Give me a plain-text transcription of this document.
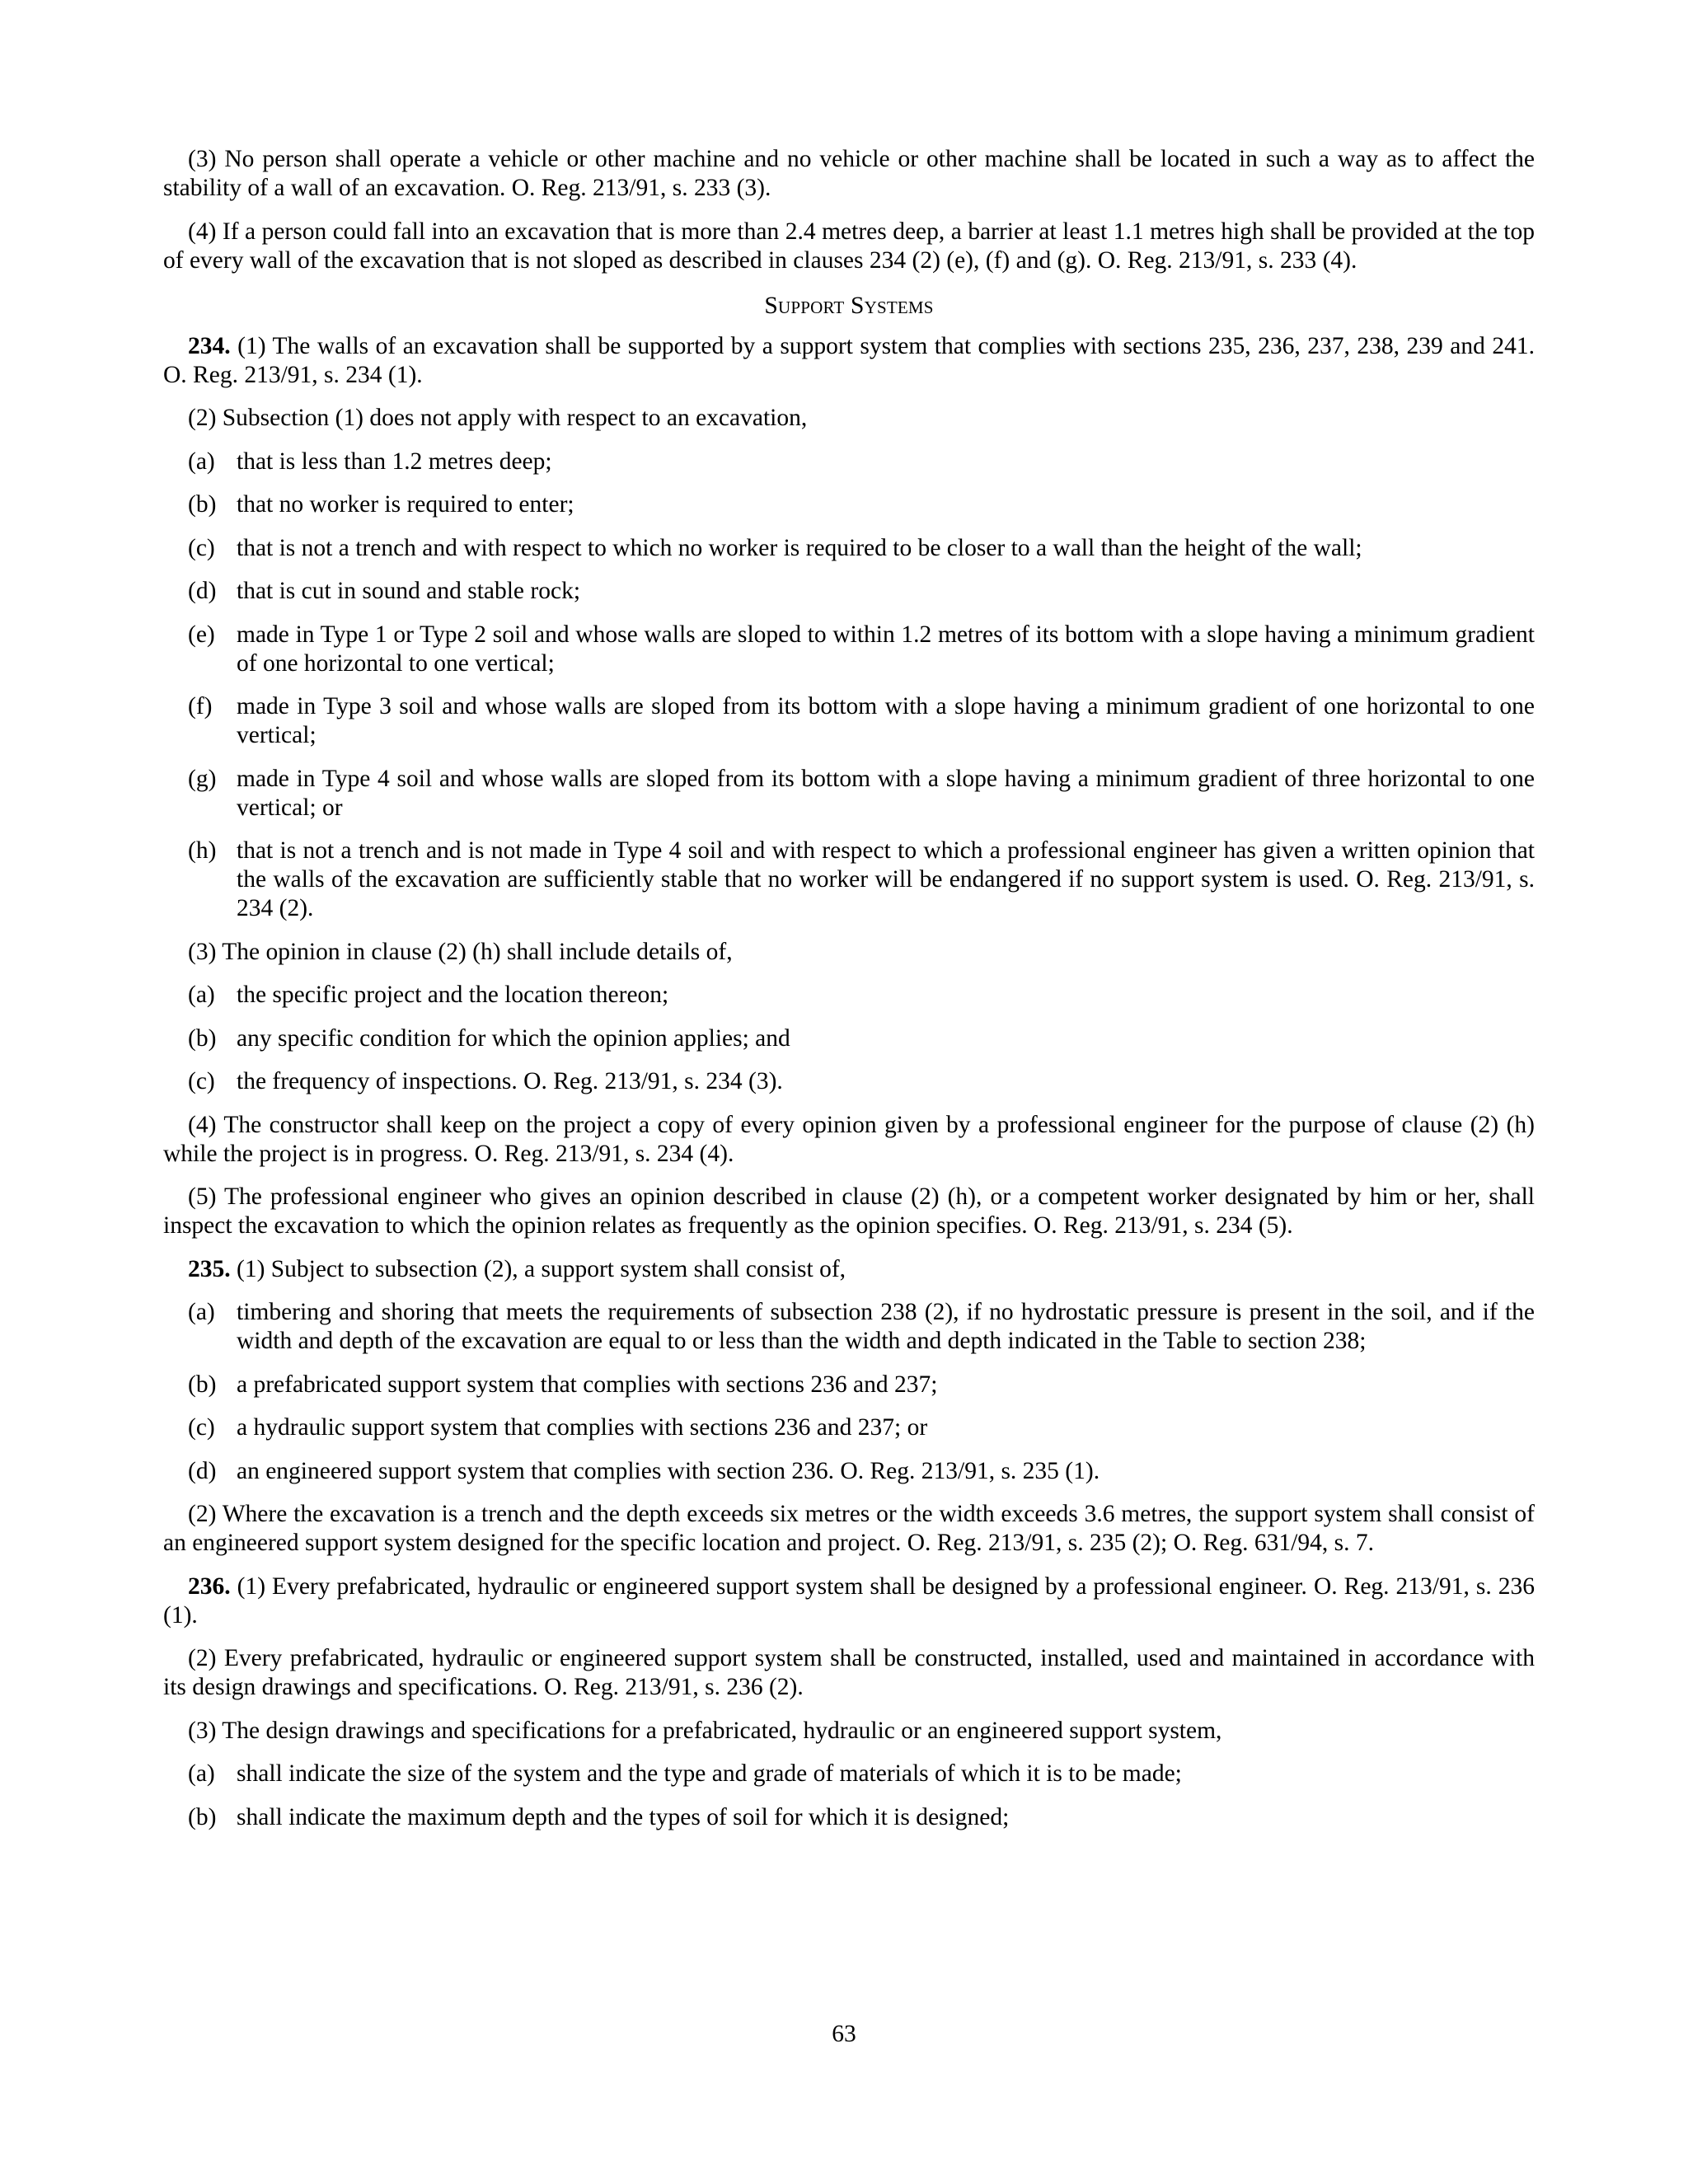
(3) No person shall operate a vehicle or other machine and no vehicle or other machine shall be located in such a way as to affect the stability of a wall of an excavation. O. Reg. 213/91, s. 233 (3).

(4) If a person could fall into an excavation that is more than 2.4 metres deep, a barrier at least 1.1 metres high shall be provided at the top of every wall of the excavation that is not sloped as described in clauses 234 (2) (e), (f) and (g). O. Reg. 213/91, s. 233 (4).

Support Systems

234. (1) The walls of an excavation shall be supported by a support system that complies with sections 235, 236, 237, 238, 239 and 241. O. Reg. 213/91, s. 234 (1).

(2) Subsection (1) does not apply with respect to an excavation,

(a) that is less than 1.2 metres deep;
(b) that no worker is required to enter;
(c) that is not a trench and with respect to which no worker is required to be closer to a wall than the height of the wall;
(d) that is cut in sound and stable rock;
(e) made in Type 1 or Type 2 soil and whose walls are sloped to within 1.2 metres of its bottom with a slope having a minimum gradient of one horizontal to one vertical;
(f)	made in Type 3 soil and whose walls are sloped from its bottom with a slope having a minimum gradient of one horizontal to one vertical;
(g) made in Type 4 soil and whose walls are sloped from its bottom with a slope having a minimum gradient of three horizontal to one vertical; or
(h) that is not a trench and is not made in Type 4 soil and with respect to which a professional engineer has given a written opinion that the walls of the excavation are sufficiently stable that no worker will be endangered if no support system is used. O. Reg. 213/91, s. 234 (2).

(3) The opinion in clause (2) (h) shall include details of,

(a) the specific project and the location thereon;
(b) any specific condition for which the opinion applies; and
(c) the frequency of inspections. O. Reg. 213/91, s. 234 (3).

(4) The constructor shall keep on the project a copy of every opinion given by a professional engineer for the purpose of clause (2) (h) while the project is in progress. O. Reg. 213/91, s. 234 (4).

(5) The professional engineer who gives an opinion described in clause (2) (h), or a competent worker designated by him or her, shall inspect the excavation to which the opinion relates as frequently as the opinion specifies. O. Reg. 213/91, s. 234 (5).

235. (1) Subject to subsection (2), a support system shall consist of,

(a) timbering and shoring that meets the requirements of subsection 238 (2), if no hydrostatic pressure is present in the soil, and if the width and depth of the excavation are equal to or less than the width and depth indicated in the Table to section 238;
(b) a prefabricated support system that complies with sections 236 and 237;
(c) a hydraulic support system that complies with sections 236 and 237; or
(d) an engineered support system that complies with section 236. O. Reg. 213/91, s. 235 (1).

(2) Where the excavation is a trench and the depth exceeds six metres or the width exceeds 3.6 metres, the support system shall consist of an engineered support system designed for the specific location and project. O. Reg. 213/91, s. 235 (2); O. Reg. 631/94, s. 7.

236. (1) Every prefabricated, hydraulic or engineered support system shall be designed by a professional engineer. O. Reg. 213/91, s. 236 (1).

(2) Every prefabricated, hydraulic or engineered support system shall be constructed, installed, used and maintained in accordance with its design drawings and specifications. O. Reg. 213/91, s. 236 (2).

(3) The design drawings and specifications for a prefabricated, hydraulic or an engineered support system,

(a) shall indicate the size of the system and the type and grade of materials of which it is to be made;
(b) shall indicate the maximum depth and the types of soil for which it is designed;
63
